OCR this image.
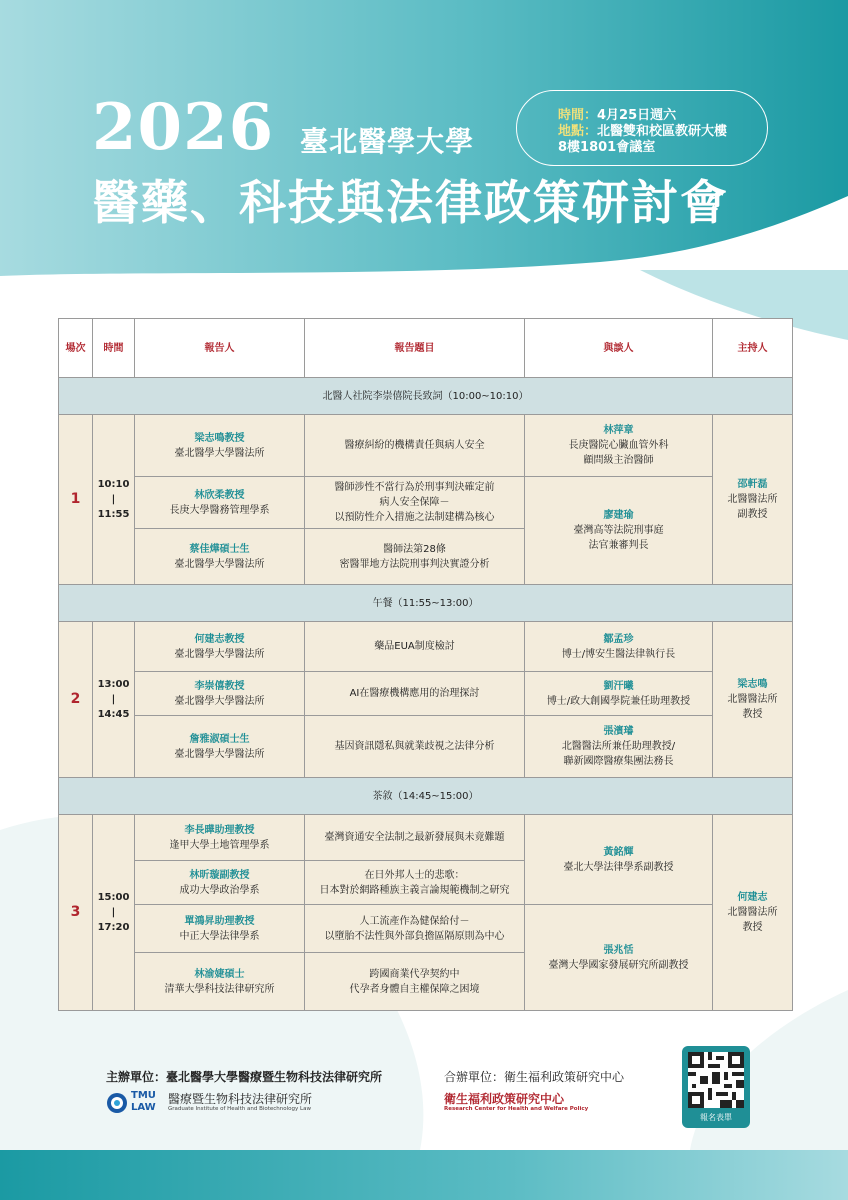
2026 臺北醫學大學
醫藥、科技與法律政策研討會
時間：4月25日週六
地點：北醫雙和校區教研大樓
8樓1801會議室
場次	時間	報告人	報告題目	與談人	主持人
北醫人社院李崇僖院長致詞（10:00~10:10）					
1	10:10
|
11:55	梁志鳴教授
臺北醫學大學醫法所	醫療糾紛的機構責任與病人安全	林萍章
長庚醫院心臟血管外科
顧問級主治醫師	邵軒磊
北醫醫法所
副教授

		林欣柔教授
長庚大學醫務管理學系	醫師涉性不當行為於刑事判決確定前
病人安全保障－
以預防性介入措施之法制建構為核心	廖建瑜
臺灣高等法院刑事庭
法官兼審判長	

		蔡佳燁碩士生
臺北醫學大學醫法所	醫師法第28條
密醫罪地方法院刑事判決實證分析		

午餐（11:55~13:00）					
2	13:00
|
14:45	何建志教授
臺北醫學大學醫法所	藥品EUA制度檢討	鄒孟珍
博士/博安生醫法律執行長	梁志鳴
北醫醫法所
教授

		李崇僖教授
臺北醫學大學醫法所	AI在醫療機構應用的治理探討	劉汗曦
博士/政大創國學院兼任助理教授	

		詹雅淑碩士生
臺北醫學大學醫法所	基因資訊隱私與就業歧視之法律分析	張濱璿
北醫醫法所兼任助理教授/
聯新國際醫療集團法務長	

茶敘（14:45~15:00）					
3	15:00
|
17:20	李長曄助理教授
逢甲大學土地管理學系	臺灣資通安全法制之最新發展與未竟難題	黃銘輝
臺北大學法律學系副教授	何建志
北醫醫法所
教授

		林昕璇副教授
成功大學政治學系	在日外邦人士的悲歌：
日本對於網路種族主義言論規範機制之研究		

		單鴻昇助理教授
中正大學法律學系	人工流產作為健保給付－
以墮胎不法性與外部負擔區隔原則為中心	張兆恬
臺灣大學國家發展研究所副教授	

		林渝婕碩士
清華大學科技法律研究所	跨國商業代孕契約中
代孕者身體自主權保障之困境		
主辦單位：臺北醫學大學醫療暨生物科技法律研究所
TMU
LAW
醫療暨生物科技法律研究所
Graduate Institute of Health and Biotechnology Law
合辦單位：衛生福利政策研究中心
衛生福利政策研究中心
Research Center for Health and Welfare Policy
報名表單
